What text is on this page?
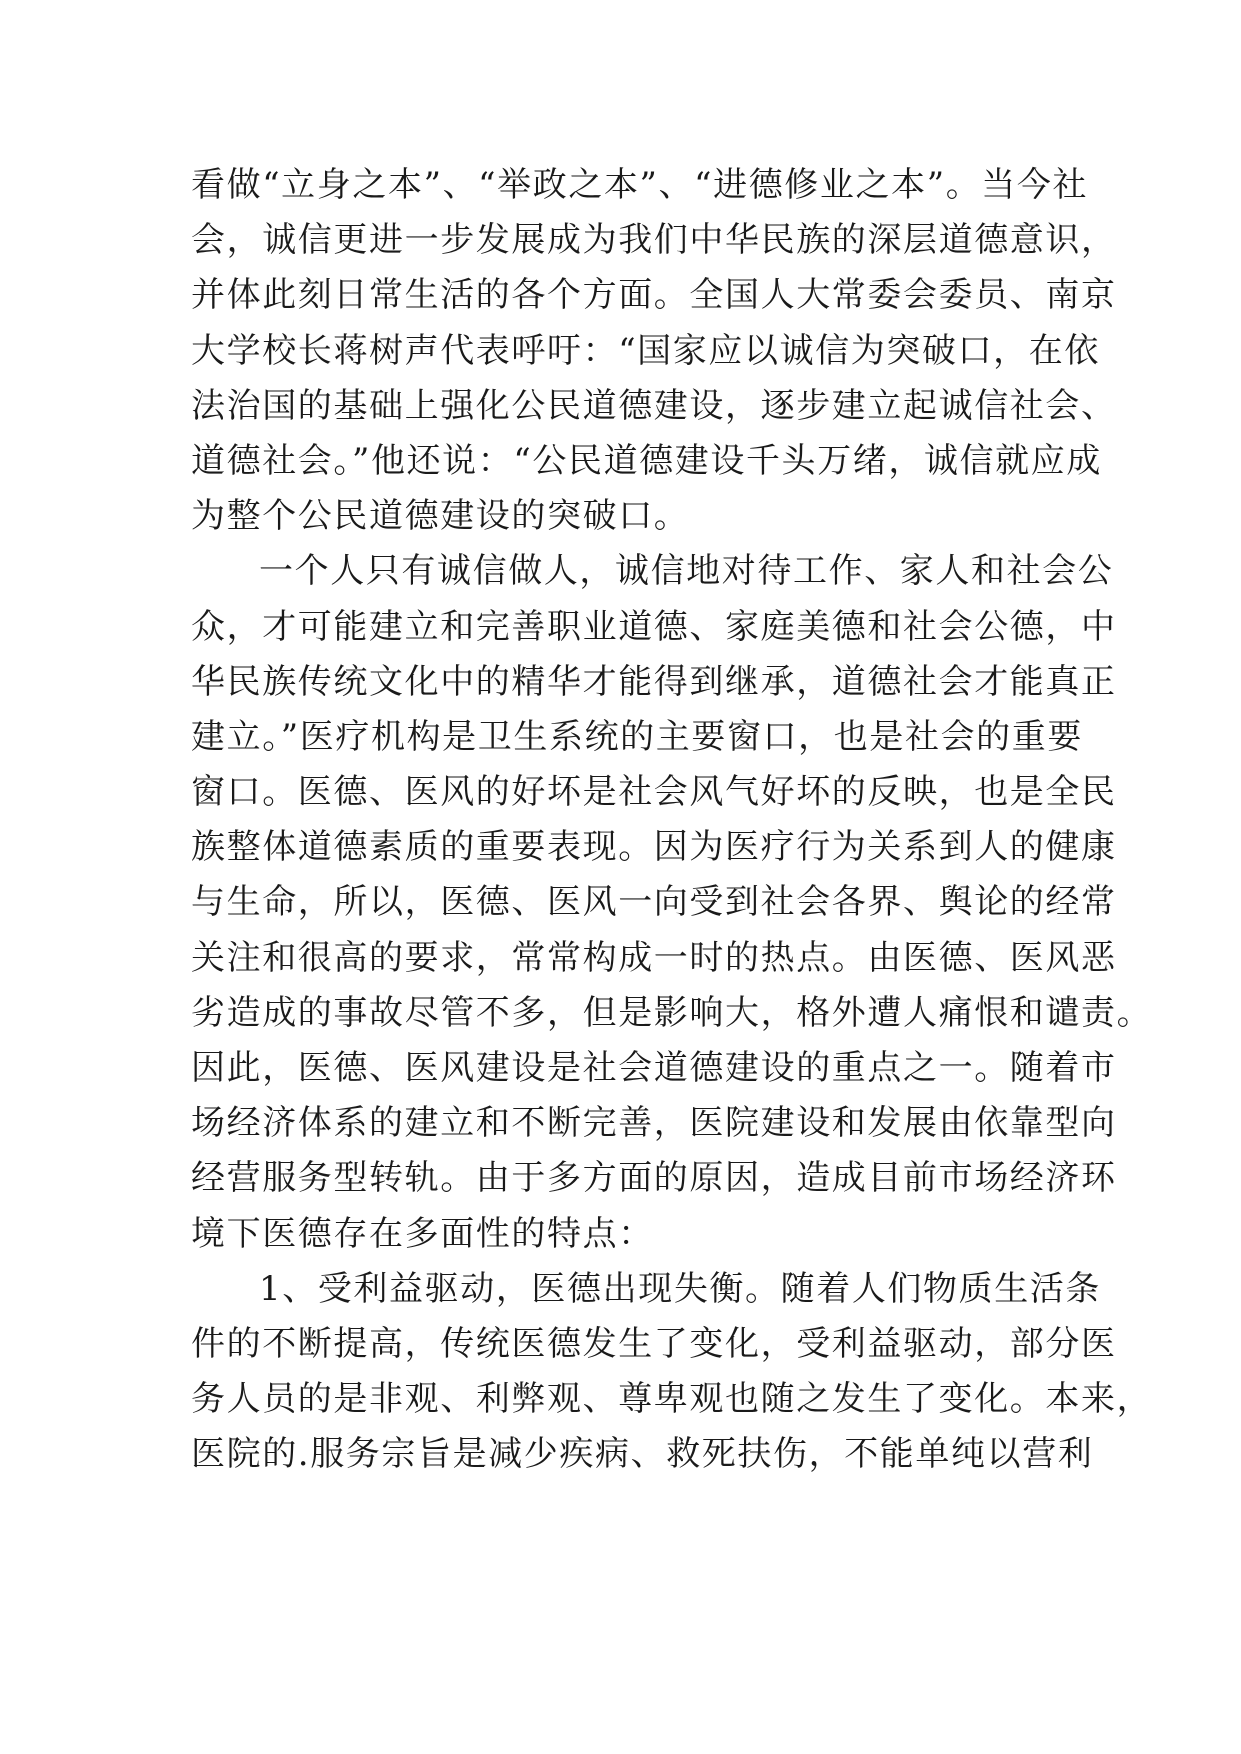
看做“立身之本”、“举政之本”、“进德修业之本”。当今社
会，诚信更进一步发展成为我们中华民族的深层道德意识，
并体此刻日常生活的各个方面。全国人大常委会委员、南京
大学校长蒋树声代表呼吁：“国家应以诚信为突破口，在依
法治国的基础上强化公民道德建设，逐步建立起诚信社会、
道德社会。”他还说：“公民道德建设千头万绪，诚信就应成
为整个公民道德建设的突破口。
一个人只有诚信做人，诚信地对待工作、家人和社会公
众，才可能建立和完善职业道德、家庭美德和社会公德，中
华民族传统文化中的精华才能得到继承，道德社会才能真正
建立。”医疗机构是卫生系统的主要窗口，也是社会的重要
窗口。医德、医风的好坏是社会风气好坏的反映，也是全民
族整体道德素质的重要表现。因为医疗行为关系到人的健康
与生命，所以，医德、医风一向受到社会各界、舆论的经常
关注和很高的要求，常常构成一时的热点。由医德、医风恶
劣造成的事故尽管不多，但是影响大，格外遭人痛恨和谴责。
因此，医德、医风建设是社会道德建设的重点之一。随着市
场经济体系的建立和不断完善，医院建设和发展由依靠型向
经营服务型转轨。由于多方面的原因，造成目前市场经济环
境下医德存在多面性的特点：
1、受利益驱动，医德出现失衡。随着人们物质生活条
件的不断提高，传统医德发生了变化，受利益驱动，部分医
务人员的是非观、利弊观、尊卑观也随之发生了变化。本来，
医院的.服务宗旨是减少疾病、救死扶伤，不能单纯以营利
